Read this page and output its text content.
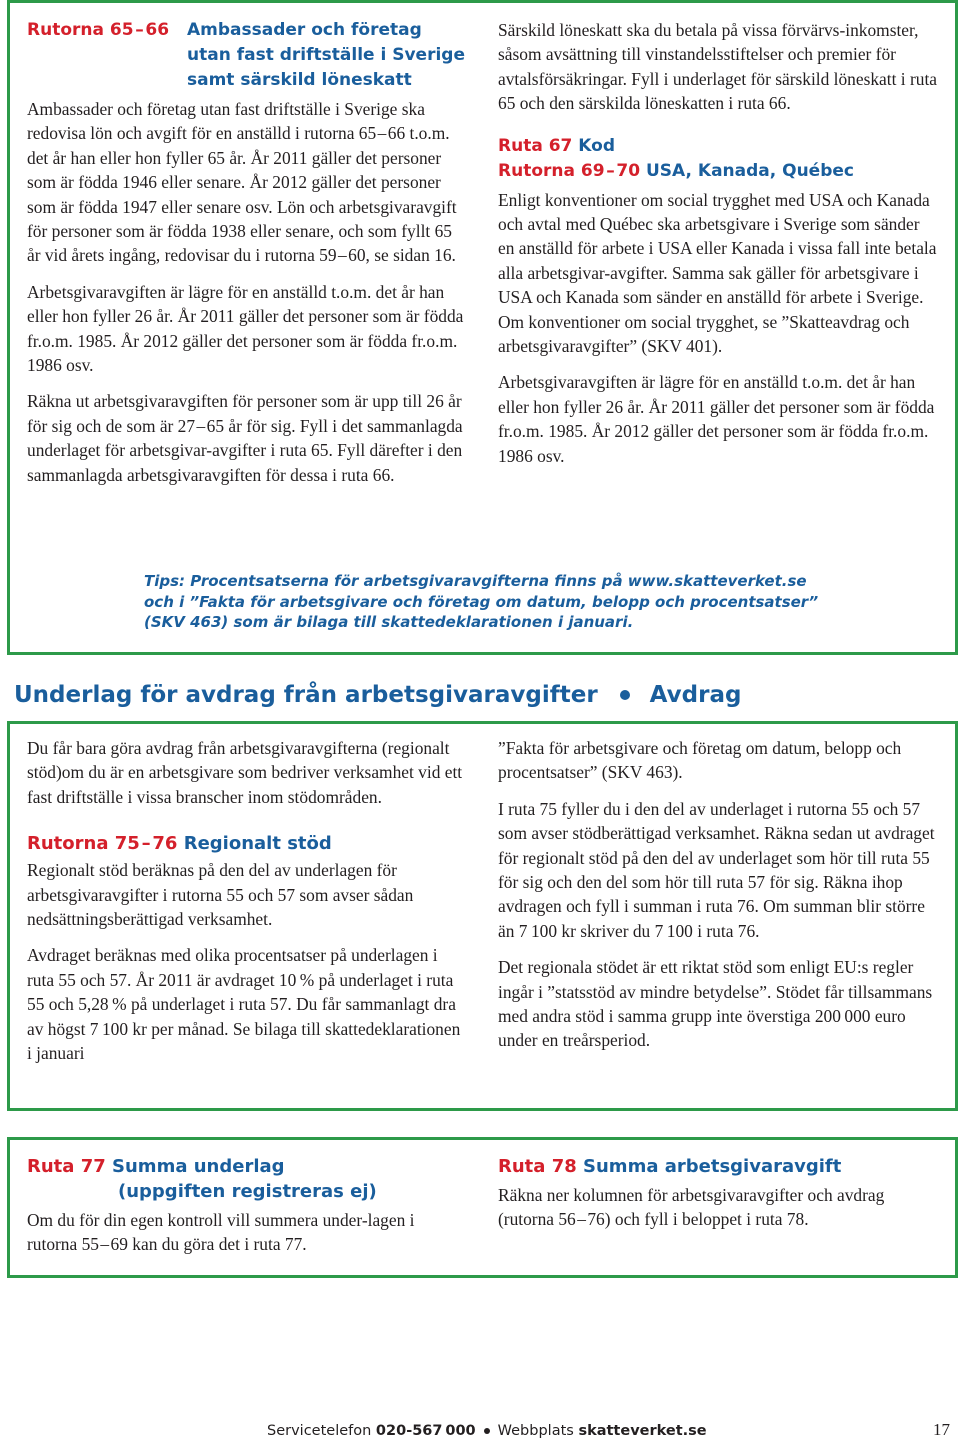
Rutorna 65 – 66	Ambassader och företag
utan fast driftställe i Sverige
samt särskild löneskatt

Ambassader och företag utan fast driftställe i Sverige ska redovisa lön och avgift för en anställd i rutorna 65 – 66 t.o.m. det år han eller hon fyller 65 år. År 2011 gäller det personer som är födda 1946 eller senare. År 2012 gäller det personer som är födda 1947 eller senare osv. Lön och arbetsgivaravgift för personer som är födda 1938 eller senare, och som fyllt 65 år vid årets ingång, redovisar du i rutorna 59 – 60, se sidan 16.

Arbetsgivaravgiften är lägre för en anställd t.o.m. det år han eller hon fyller 26 år. År 2011 gäller det personer som är födda fr.o.m. 1985. År 2012 gäller det personer som är födda fr.o.m. 1986 osv.

Räkna ut arbetsgivaravgiften för personer som är upp till 26 år för sig och de som är 27 – 65 år för sig. Fyll i det sammanlagda underlaget för arbetsgivar-avgifter i ruta 65. Fyll därefter i den sammanlagda arbetsgivaravgiften för dessa i ruta 66.

Särskild löneskatt ska du betala på vissa förvärvs-inkomster, såsom avsättning till vinstandelsstiftelser och premier för avtalsförsäkringar. Fyll i underlaget för särskild löneskatt i ruta 65 och den särskilda löneskatten i ruta 66.

Ruta 67 Kod
Rutorna 69 – 70 USA, Kanada, Québec

Enligt konventioner om social trygghet med USA och Kanada och avtal med Québec ska arbetsgivare i Sverige som sänder en anställd för arbete i USA eller Kanada i vissa fall inte betala alla arbetsgivar-avgifter. Samma sak gäller för arbetsgivare i USA och Kanada som sänder en anställd för arbete i Sverige. Om konventioner om social trygghet, se ”Skatteavdrag och arbetsgivaravgifter” (SKV 401).

Arbetsgivaravgiften är lägre för en anställd t.o.m. det år han eller hon fyller 26 år. År 2011 gäller det personer som är födda fr.o.m. 1985. År 2012 gäller det personer som är födda fr.o.m. 1986 osv.

Tips: Procentsatserna för arbetsgivaravgifterna finns på www.skatteverket.se
och i ”Fakta för arbetsgivare och företag om datum, belopp och procentsatser”
(SKV 463) som är bilaga till skattedeklarationen i januari.
Underlag för avdrag från arbetsgivaravgifter Avdrag

Du får bara göra avdrag från arbetsgivaravgifterna (regionalt stöd)om du är en arbetsgivare som bedriver verksamhet vid ett fast driftställe i vissa branscher inom stödområden.

Rutorna 75 – 76 Regionalt stöd

Regionalt stöd beräknas på den del av underlagen för arbetsgivaravgifter i rutorna 55 och 57 som avser sådan nedsättningsberättigad verksamhet.

Avdraget beräknas med olika procentsatser på underlagen i ruta 55 och 57. År 2011 är avdraget 10 % på underlaget i ruta 55 och 5,28 % på underlaget i ruta 57. Du får sammanlagt dra av högst 7 100 kr per månad. Se bilaga till skattedeklarationen i januari

”Fakta för arbetsgivare och företag om datum, belopp och procentsatser” (SKV 463).

I ruta 75 fyller du i den del av underlaget i rutorna 55 och 57 som avser stödberättigad verksamhet. Räkna sedan ut avdraget för regionalt stöd på den del av underlaget som hör till ruta 55 för sig och den del som hör till ruta 57 för sig. Räkna ihop avdragen och fyll i summan i ruta 76. Om summan blir större än 7 100 kr skriver du 7 100 i ruta 76.

Det regionala stödet är ett riktat stöd som enligt EU:s regler ingår i ”statsstöd av mindre betydelse”. Stödet får tillsammans med andra stöd i samma grupp inte överstiga 200 000 euro under en treårsperiod.

Ruta 77 Summa underlag
(uppgiften registreras ej)

Om du för din egen kontroll vill summera under-lagen i rutorna 55 – 69 kan du göra det i ruta 77.

Ruta 78 Summa arbetsgivaravgift

Räkna ner kolumnen för arbetsgivaravgifter och avdrag (rutorna 56 – 76) och fyll i beloppet i ruta 78.

Servicetelefon 020-567 000 Webbplats skatteverket.se	17
